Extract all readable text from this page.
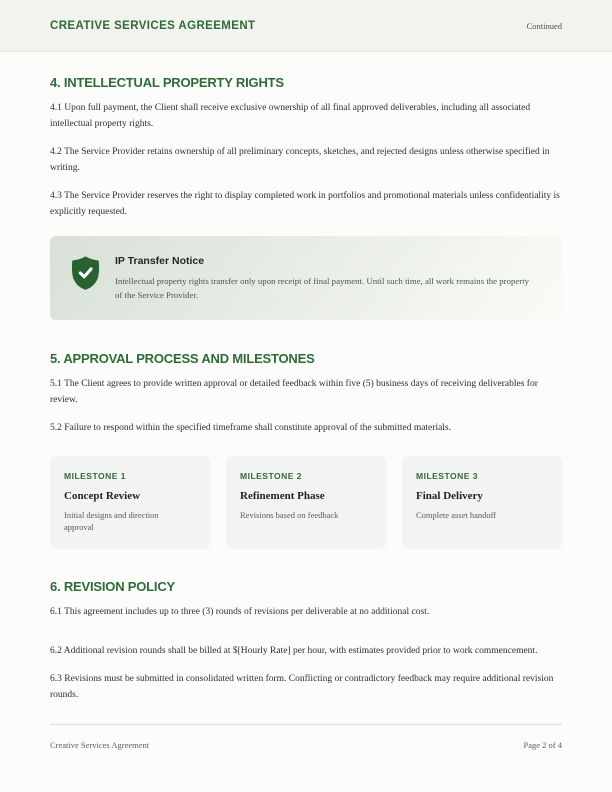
CREATIVE SERVICES AGREEMENT	Continued
4. INTELLECTUAL PROPERTY RIGHTS

4.1 Upon full payment, the Client shall receive exclusive ownership of all final approved deliverables, including all associated intellectual property rights.

4.2 The Service Provider retains ownership of all preliminary concepts, sketches, and rejected designs unless otherwise specified in writing.

4.3 The Service Provider reserves the right to display completed work in portfolios and promotional materials unless confidentiality is explicitly requested.

IP Transfer Notice
Intellectual property rights transfer only upon receipt of final payment. Until such time, all work remains the property of the Service Provider.
5. APPROVAL PROCESS AND MILESTONES

5.1 The Client agrees to provide written approval or detailed feedback within five (5) business days of receiving deliverables for review.

5.2 Failure to respond within the specified timeframe shall constitute approval of the submitted materials.

MILESTONE 1
Concept Review
Initial designs and direction approval
MILESTONE 2
Refinement Phase
Revisions based on feedback
MILESTONE 3
Final Delivery
Complete asset handoff
6. REVISION POLICY

6.1 This agreement includes up to three (3) rounds of revisions per deliverable at no additional cost.

6.2 Additional revision rounds shall be billed at $[Hourly Rate] per hour, with estimates provided prior to work commencement.

6.3 Revisions must be submitted in consolidated written form. Conflicting or contradictory feedback may require additional revision rounds.

Creative Services Agreement	Page 2 of 4
